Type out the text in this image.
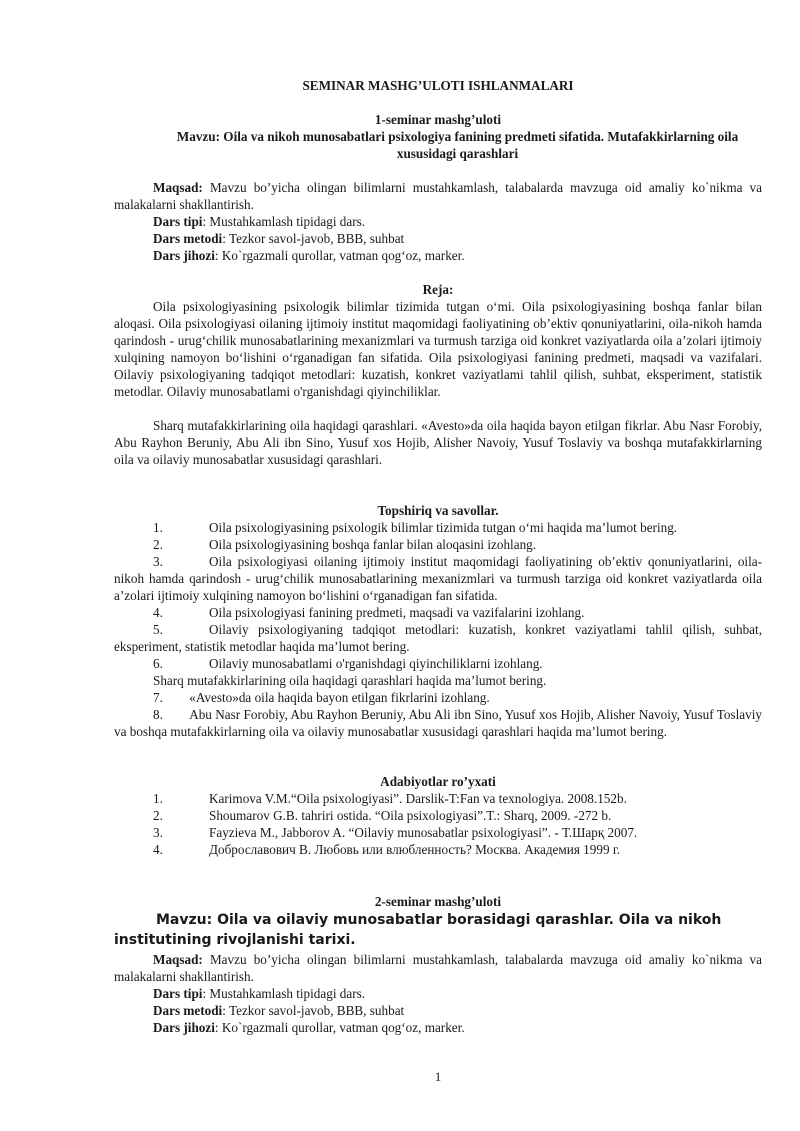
SEMINAR MASHG’ULOTI ISHLANMALARI
1-seminar mashg’uloti
Mavzu: Oila va nikoh munosabatlari psixologiya fanining predmeti sifatida. Mutafakkirlarning oila xususidagi qarashlari
Maqsad: Mavzu bo’yicha olingan bilimlarni mustahkamlash, talabalarda mavzuga oid amaliy ko`nikma va malakalarni shakllantirish.
Dars tipi: Mustahkamlash tipidagi dars.
Dars metodi: Tezkor savol-javob, BBB, suhbat
Dars jihozi: Ko`rgazmali qurollar, vatman qog‘oz, marker.
Reja:
Oila psixologiyasining psixologik bilimlar tizimida tutgan o‘mi. Oila psixologiyasining boshqa fanlar bilan aloqasi. Oila psixologiyasi oilaning ijtimoiy institut maqomidagi faoliyatining ob’ektiv qonuniyatlarini, oila-nikoh hamda qarindosh - urug‘chilik munosabatlarining mexanizmlari va turmush tarziga oid konkret vaziyatlarda oila a’zolari ijtimoiy xulqining namoyon bo‘lishini o‘rganadigan fan sifatida. Oila psixologiyasi fanining predmeti, maqsadi va vazifalari. Oilaviy psixologiyaning tadqiqot metodlari: kuzatish, konkret vaziyatlami tahlil qilish, suhbat, eksperiment, statistik metodlar. Oilaviy munosabatlami o'rganishdagi qiyinchiliklar.
Sharq mutafakkirlarining oila haqidagi qarashlari. «Avesto»da oila haqida bayon etilgan fikrlar. Abu Nasr Forobiy, Abu Rayhon Beruniy, Abu Ali ibn Sino, Yusuf xos Hojib, Alisher Navoiy, Yusuf Toslaviy va boshqa mutafakkirlarning oila va oilaviy munosabatlar xususidagi qarashlari.
Topshiriq va savollar.
1.	Oila psixologiyasining psixologik bilimlar tizimida tutgan o‘mi haqida ma’lumot bering.
2.	Oila psixologiyasining boshqa fanlar bilan aloqasini izohlang.
3.	Oila psixologiyasi oilaning ijtimoiy institut maqomidagi faoliyatining ob’ektiv qonuniyatlarini, oila-nikoh hamda qarindosh - urug‘chilik munosabatlarining mexanizmlari va turmush tarziga oid konkret vaziyatlarda oila a’zolari ijtimoiy xulqining namoyon bo‘lishini o‘rganadigan fan sifatida.
4.	Oila psixologiyasi fanining predmeti, maqsadi va vazifalarini izohlang.
5.	Oilaviy psixologiyaning tadqiqot metodlari: kuzatish, konkret vaziyatlami tahlil qilish, suhbat, eksperiment, statistik metodlar haqida ma’lumot bering.
6.	Oilaviy munosabatlami o'rganishdagi qiyinchiliklarni izohlang.
Sharq mutafakkirlarining oila haqidagi qarashlari haqida ma’lumot bering.
7.        «Avesto»da oila haqida bayon etilgan fikrlarini izohlang.
8.        Abu Nasr Forobiy, Abu Rayhon Beruniy, Abu Ali ibn Sino, Yusuf xos Hojib, Alisher Navoiy, Yusuf Toslaviy va boshqa mutafakkirlarning oila va oilaviy munosabatlar xususidagi qarashlari haqida ma’lumot bering.
Adabiyotlar ro’yxati
1.	Karimova V.M.“Oila psixologiyasi”. Darslik-T:Fan va texnologiya. 2008.152b.
2.	Shoumarov G.B. tahriri ostida. “Oila psixologiyasi”.T.: Sharq, 2009. -272 b.
3.	Fayzieva M., Jabborov A. “Oilaviy munosabatlar psixologiyasi”. - Т.Шарқ 2007.
4.	Доброславович В. Любовь или влюбленность? Москва. Академия 1999 г.
2-seminar mashg’uloti
Mavzu: Oila va oilaviy munosabatlar borasidagi qarashlar. Oila va nikoh institutining rivojlanishi tarixi.
Maqsad: Mavzu bo’yicha olingan bilimlarni mustahkamlash, talabalarda mavzuga oid amaliy ko`nikma va malakalarni shakllantirish.
Dars tipi: Mustahkamlash tipidagi dars.
Dars metodi: Tezkor savol-javob, BBB, suhbat
Dars jihozi: Ko`rgazmali qurollar, vatman qog‘oz, marker.
1
